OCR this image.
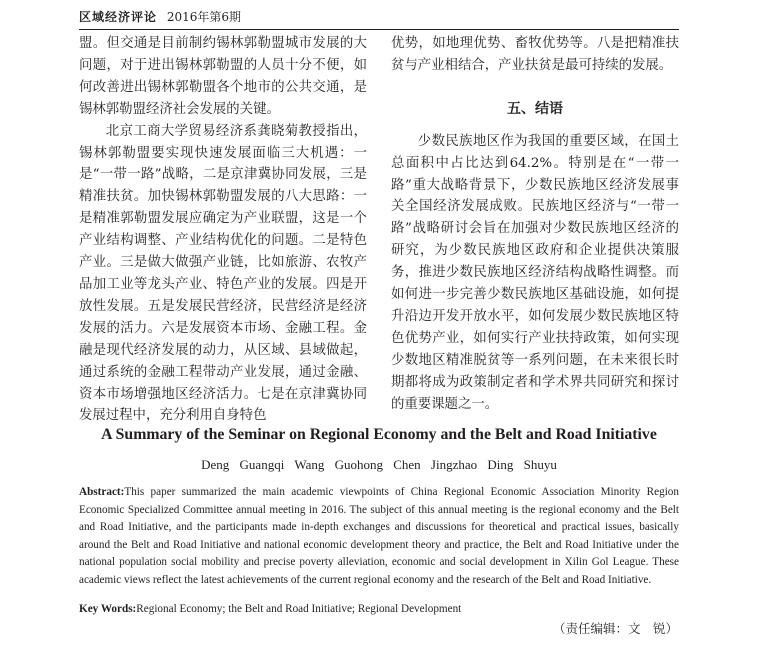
区域经济评论 2016年第6期

盟。但交通是目前制约锡林郭勒盟城市发展的大问题，对于进出锡林郭勒盟的人员十分不便，如何改善进出锡林郭勒盟各个地市的公共交通，是锡林郭勒盟经济社会发展的关键。

北京工商大学贸易经济系龚晓菊教授指出，锡林郭勒盟要实现快速发展面临三大机遇：一是“一带一路”战略，二是京津冀协同发展，三是精准扶贫。加快锡林郭勒盟发展的八大思路：一是精准郭勒盟发展应确定为产业联盟，这是一个产业结构调整、产业结构优化的问题。二是特色产业。三是做大做强产业链，比如旅游、农牧产品加工业等龙头产业、特色产业的发展。四是开放性发展。五是发展民营经济，民营经济是经济发展的活力。六是发展资本市场、金融工程。金融是现代经济发展的动力，从区域、县域做起，通过系统的金融工程带动产业发展，通过金融、资本市场增强地区经济活力。七是在京津冀协同发展过程中，充分利用自身特色

优势，如地理优势、畜牧优势等。八是把精准扶贫与产业相结合，产业扶贫是最可持续的发展。

五、结语

少数民族地区作为我国的重要区域，在国土总面积中占比达到64.2%。特别是在“一带一路”重大战略背景下，少数民族地区经济发展事关全国经济发展成败。民族地区经济与“一带一路”战略研讨会旨在加强对少数民族地区经济的研究，为少数民族地区政府和企业提供决策服务，推进少数民族地区经济结构战略性调整。而如何进一步完善少数民族地区基础设施，如何提升沿边开发开放水平，如何发展少数民族地区特色优势产业，如何实行产业扶持政策，如何实现少数地区精准脱贫等一系列问题，在未来很长时期都将成为政策制定者和学术界共同研究和探讨的重要课题之一。

A Summary of the Seminar on Regional Economy and the Belt and Road Initiative
Deng Guangqi Wang Guohong Chen Jingzhao Ding Shuyu

Abstract:This paper summarized the main academic viewpoints of China Regional Economic Association Minority Region Economic Specialized Committee annual meeting in 2016. The subject of this annual meeting is the regional economy and the Belt and Road Initiative, and the participants made in-depth exchanges and discussions for theoretical and practical issues, basically around the Belt and Road Initiative and national economic development theory and practice, the Belt and Road Initiative under the national population social mobility and precise poverty alleviation, economic and social development in Xilin Gol League. These academic views reflect the latest achievements of the current regional economy and the research of the Belt and Road Initiative.

Key Words:Regional Economy; the Belt and Road Initiative; Regional Development

（责任编辑：文　锐）
